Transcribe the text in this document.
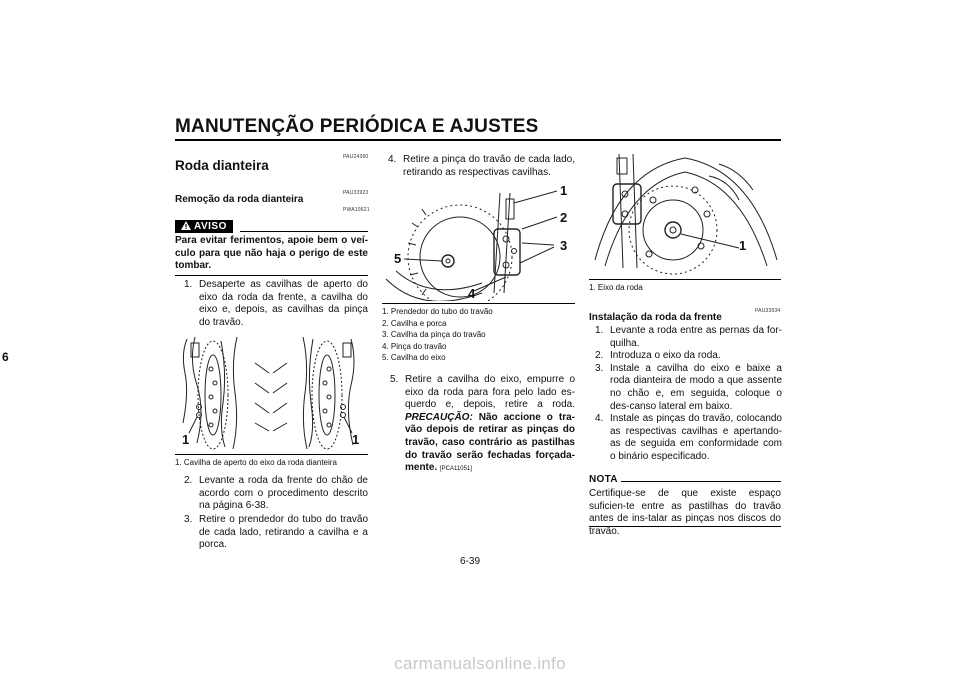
MANUTENÇÃO PERIÓDICA E AJUSTES
6
PAU24360
Roda dianteira
PAU33923
Remoção da roda dianteira
PWA10621
AVISO
Para evitar ferimentos, apoie bem o veí-culo para que não haja o perigo de este tombar.
1. Desaperte as cavilhas de aperto do eixo da roda da frente, a cavilha do eixo e, depois, as cavilhas da pinça do travão.
1	1
1. Cavilha de aperto do eixo da roda dianteira
2. Levante a roda da frente do chão de acordo com o procedimento descrito na página 6-38.
3. Retire o prendedor do tubo do travão de cada lado, retirando a cavilha e a porca.
4. Retire a pinça do travão de cada lado, retirando as respectivas cavilhas.
1
2
3
4
5
1. Prendedor do tubo do travão
2. Cavilha e porca
3. Cavilha da pinça do travão
4. Pinça do travão
5. Cavilha do eixo
5. Retire a cavilha do eixo, empurre o eixo da roda para fora pelo lado es-querdo e, depois, retire a roda. PRECAUÇÃO: Não accione o tra-vão depois de retirar as pinças do travão, caso contrário as pastilhas do travão serão fechadas forçada-mente. [PCA11051]
1
1. Eixo da roda
PAU33934
Instalação da roda da frente
1. Levante a roda entre as pernas da for-quilha.
2. Introduza o eixo da roda.
3. Instale a cavilha do eixo e baixe a roda dianteira de modo a que assente no chão e, em seguida, coloque o des-canso lateral em baixo.
4. Instale as pinças do travão, colocando as respectivas cavilhas e apertando-as de seguida em conformidade com o binário especificado.
NOTA
Certifique-se de que existe espaço suficien-te entre as pastilhas do travão antes de ins-talar as pinças nos discos do travão.
6-39
carmanualsonline.info
